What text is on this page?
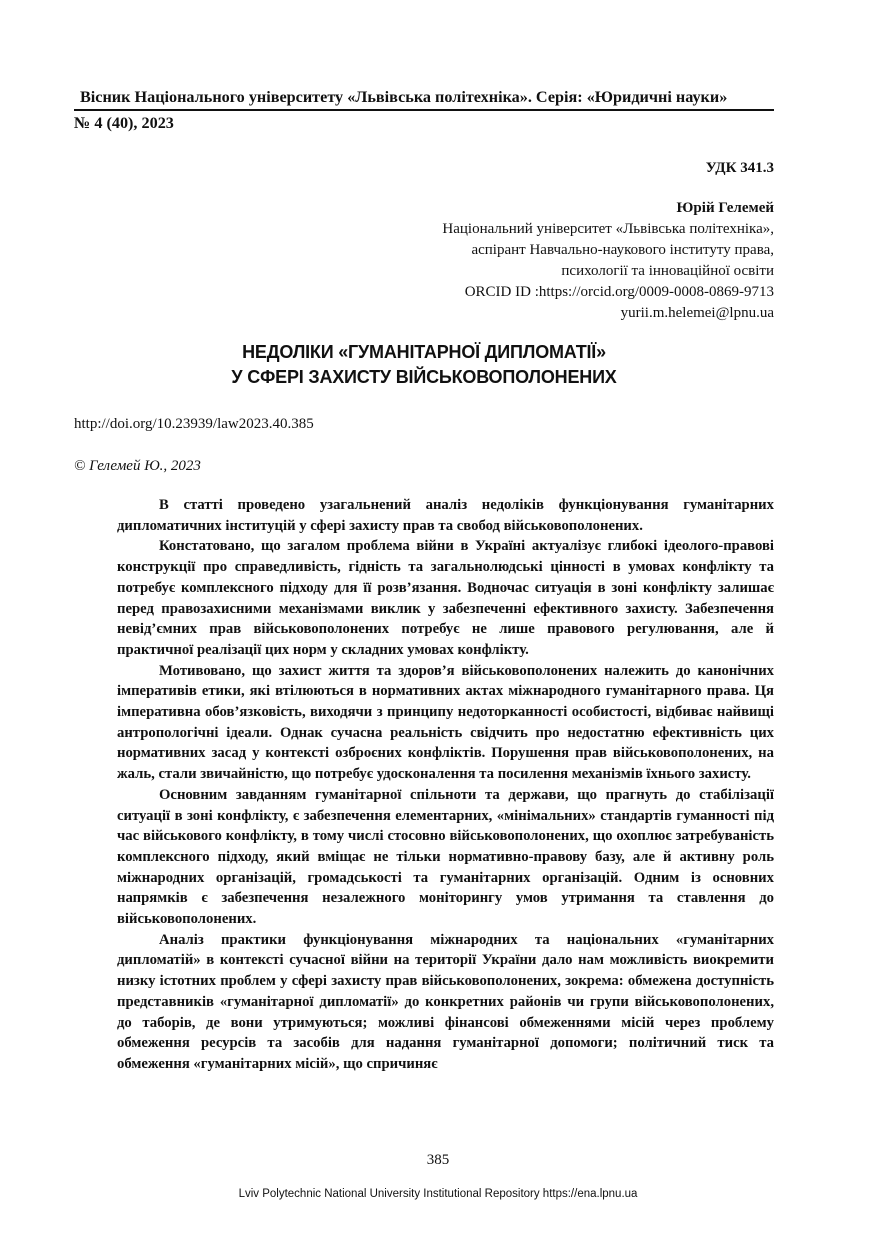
Вісник Національного університету «Львівська політехніка». Серія: «Юридичні науки»
№ 4 (40), 2023
УДК 341.3
Юрій Гелемей
Національний університет «Львівська політехніка»,
аспірант Навчально-наукового інституту права,
психології та інноваційної освіти
ORCID ID :https://orcid.org/0009-0008-0869-9713
yurii.m.helemei@lpnu.ua
НЕДОЛІКИ «ГУМАНІТАРНОЇ ДИПЛОМАТІЇ»
У СФЕРІ ЗАХИСТУ ВІЙСЬКОВОПОЛОНЕНИХ
http://doi.org/10.23939/law2023.40.385
© Гелемей Ю., 2023

В статті проведено узагальнений аналіз недоліків функціонування гуманітарних дипломатичних інституцій у сфері захисту прав та свобод військовополонених.

Констатовано, що загалом проблема війни в Україні актуалізує глибокі ідеолого-правові конструкції про справедливість, гідність та загальнолюдські цінності в умовах конфлікту та потребує комплексного підходу для її розв’язання. Водночас ситуація в зоні конфлікту залишає перед правозахисними механізмами виклик у забезпеченні ефективного захисту. Забезпечення невід’ємних прав військовополонених потребує не лише правового регулювання, але й практичної реалізації цих норм у складних умовах конфлікту.

Мотивовано, що захист життя та здоров’я військовополонених належить до канонічних імперативів етики, які втілюються в нормативних актах міжнародного гуманітарного права. Ця імперативна обов’язковість, виходячи з принципу недоторканності особистості, відбиває найвищі антропологічні ідеали. Однак сучасна реальність свідчить про недостатню ефективність цих нормативних засад у контексті озброєних конфліктів. Порушення прав військовополонених, на жаль, стали звичайністю, що потребує удосконалення та посилення механізмів їхнього захисту.

Основним завданням гуманітарної спільноти та держави, що прагнуть до стабілізації ситуації в зоні конфлікту, є забезпечення елементарних, «мінімальних» стандартів гуманності під час військового конфлікту, в тому числі стосовно військовополонених, що охоплює затребуваність комплексного підходу, який вміщає не тільки нормативно-правову базу, але й активну роль міжнародних організацій, громадськості та гуманітарних організацій. Одним із основних напрямків є забезпечення незалежного моніторингу умов утримання та ставлення до військовополонених.

Аналіз практики функціонування міжнародних та національних «гуманітарних дипломатій» в контексті сучасної війни на території України дало нам можливість виокремити низку істотних проблем у сфері захисту прав військовополонених, зокрема: обмежена доступність представників «гуманітарної дипломатії» до конкретних районів чи групи військовополонених, до таборів, де вони утримуються; можливі фінансові обмеженнями місій через проблему обмеження ресурсів та засобів для надання гуманітарної допомоги; політичний тиск та обмеження «гуманітарних місій», що спричиняє

385
Lviv Polytechnic National University Institutional Repository https://ena.lpnu.ua
